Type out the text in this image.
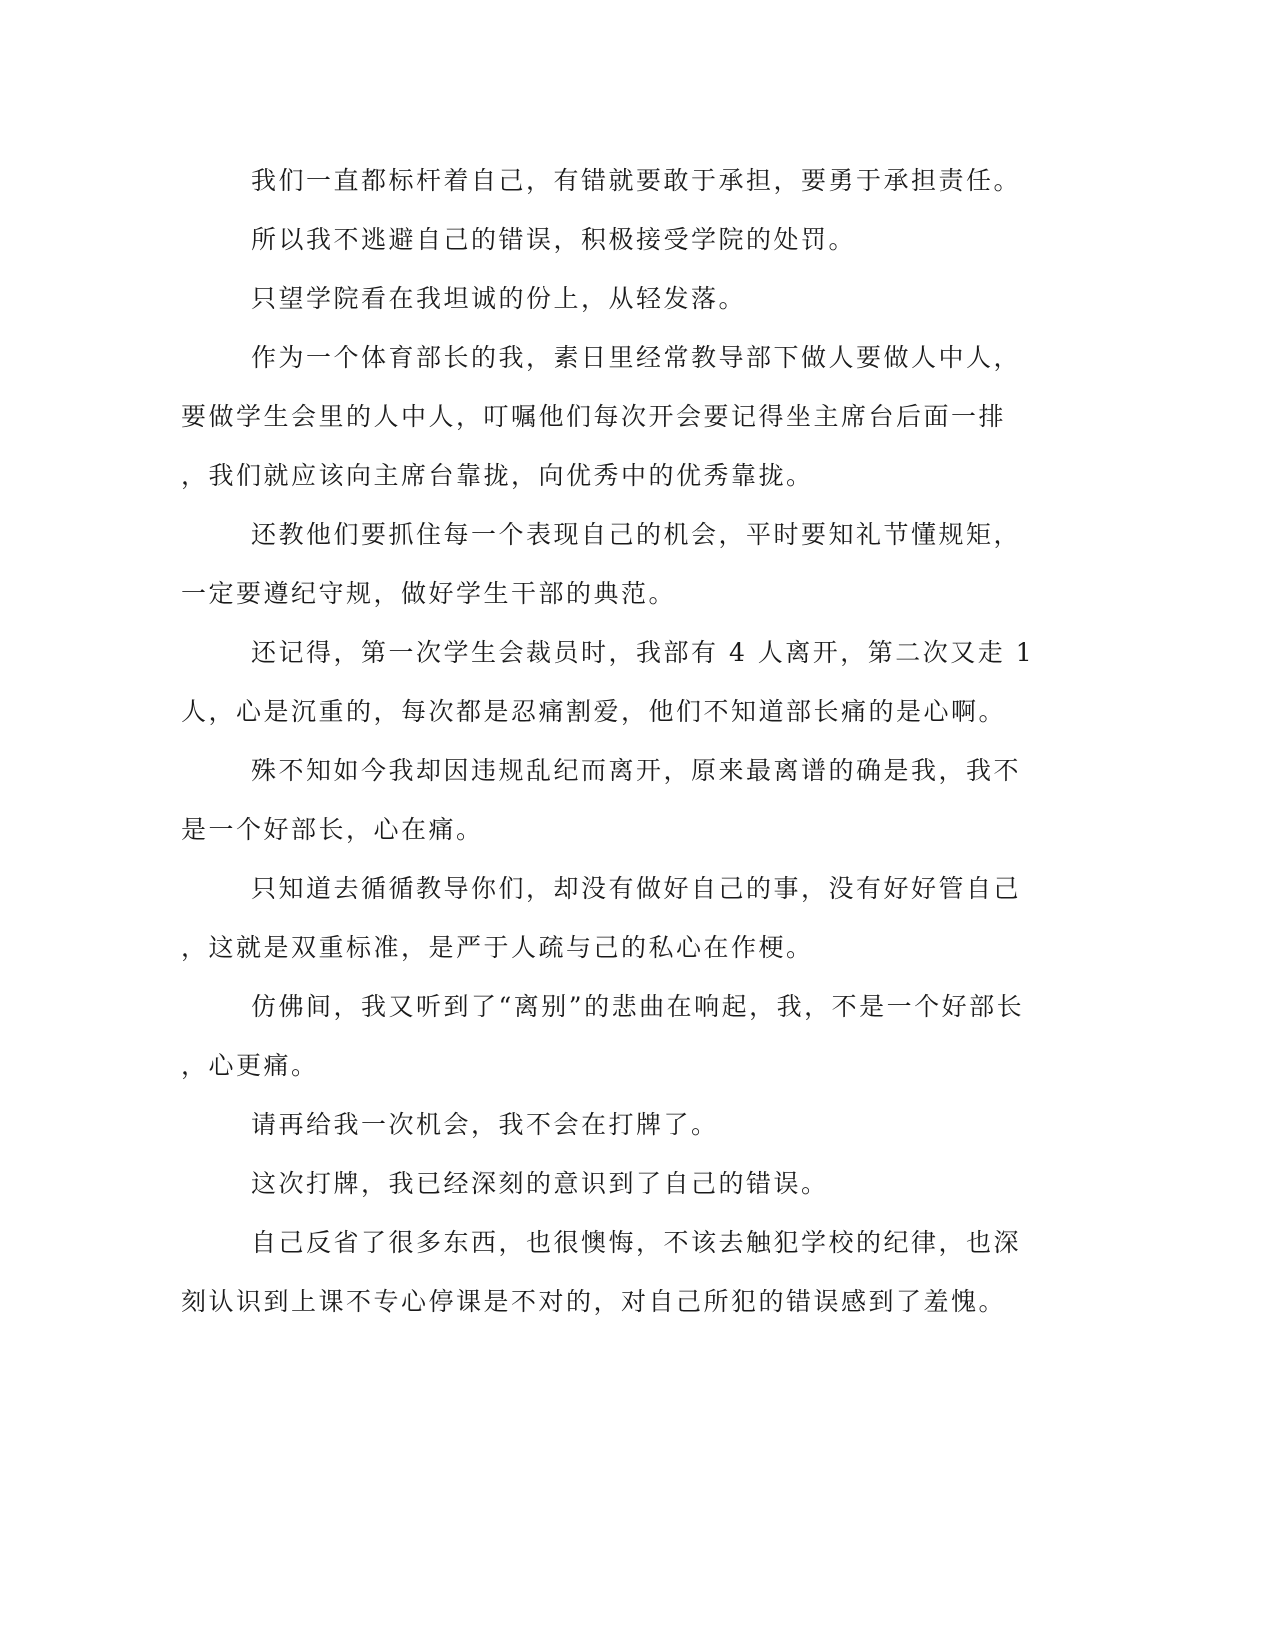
我们一直都标杆着自己，有错就要敢于承担，要勇于承担责任。
所以我不逃避自己的错误，积极接受学院的处罚。
只望学院看在我坦诚的份上，从轻发落。
作为一个体育部长的我，素日里经常教导部下做人要做人中人，
要做学生会里的人中人，叮嘱他们每次开会要记得坐主席台后面一排
，我们就应该向主席台靠拢，向优秀中的优秀靠拢。
还教他们要抓住每一个表现自己的机会，平时要知礼节懂规矩，
一定要遵纪守规，做好学生干部的典范。
还记得，第一次学生会裁员时，我部有 4 人离开，第二次又走 1
人，心是沉重的，每次都是忍痛割爱，他们不知道部长痛的是心啊。
殊不知如今我却因违规乱纪而离开，原来最离谱的确是我，我不
是一个好部长，心在痛。
只知道去循循教导你们，却没有做好自己的事，没有好好管自己
，这就是双重标准，是严于人疏与己的私心在作梗。
仿佛间，我又听到了“离别”的悲曲在响起，我，不是一个好部长
，心更痛。
请再给我一次机会，我不会在打牌了。
这次打牌，我已经深刻的意识到了自己的错误。
自己反省了很多东西，也很懊悔，不该去触犯学校的纪律，也深
刻认识到上课不专心停课是不对的，对自己所犯的错误感到了羞愧。
